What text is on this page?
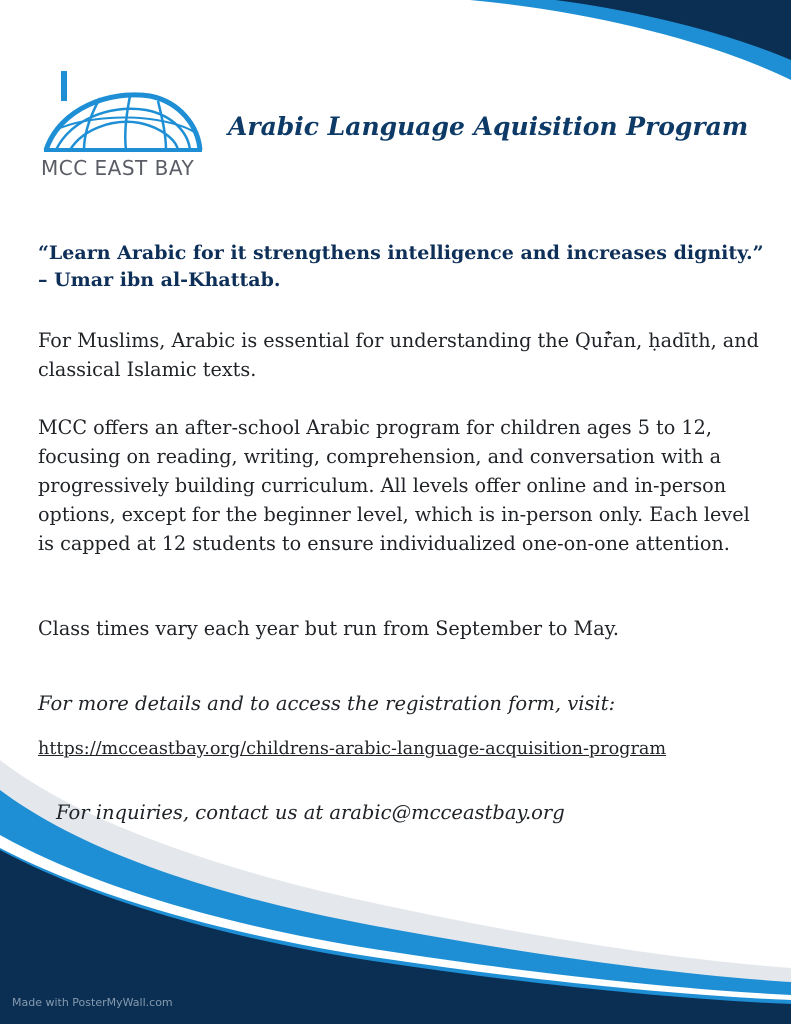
MCC EAST BAY
Arabic Language Aquisition Program
“Learn Arabic for it strengthens intelligence and increases dignity.”
– Umar ibn al-Khattab.

For Muslims, Arabic is essential for understanding the Qur̓̄an, ḥadīth, and classical Islamic texts.

MCC offers an after-school Arabic program for children ages 5 to 12, focusing on reading, writing, comprehension, and conversation with a progressively building curriculum. All levels offer online and in-person options, except for the beginner level, which is in-person only. Each level is capped at 12 students to ensure individualized one-on-one attention.

Class times vary each year but run from September to May.

For more details and to access the registration form, visit:
https://mcceastbay.org/childrens-arabic-language-acquisition-program
For inquiries, contact us at arabic@mcceastbay.org
Made with PosterMyWall.com
